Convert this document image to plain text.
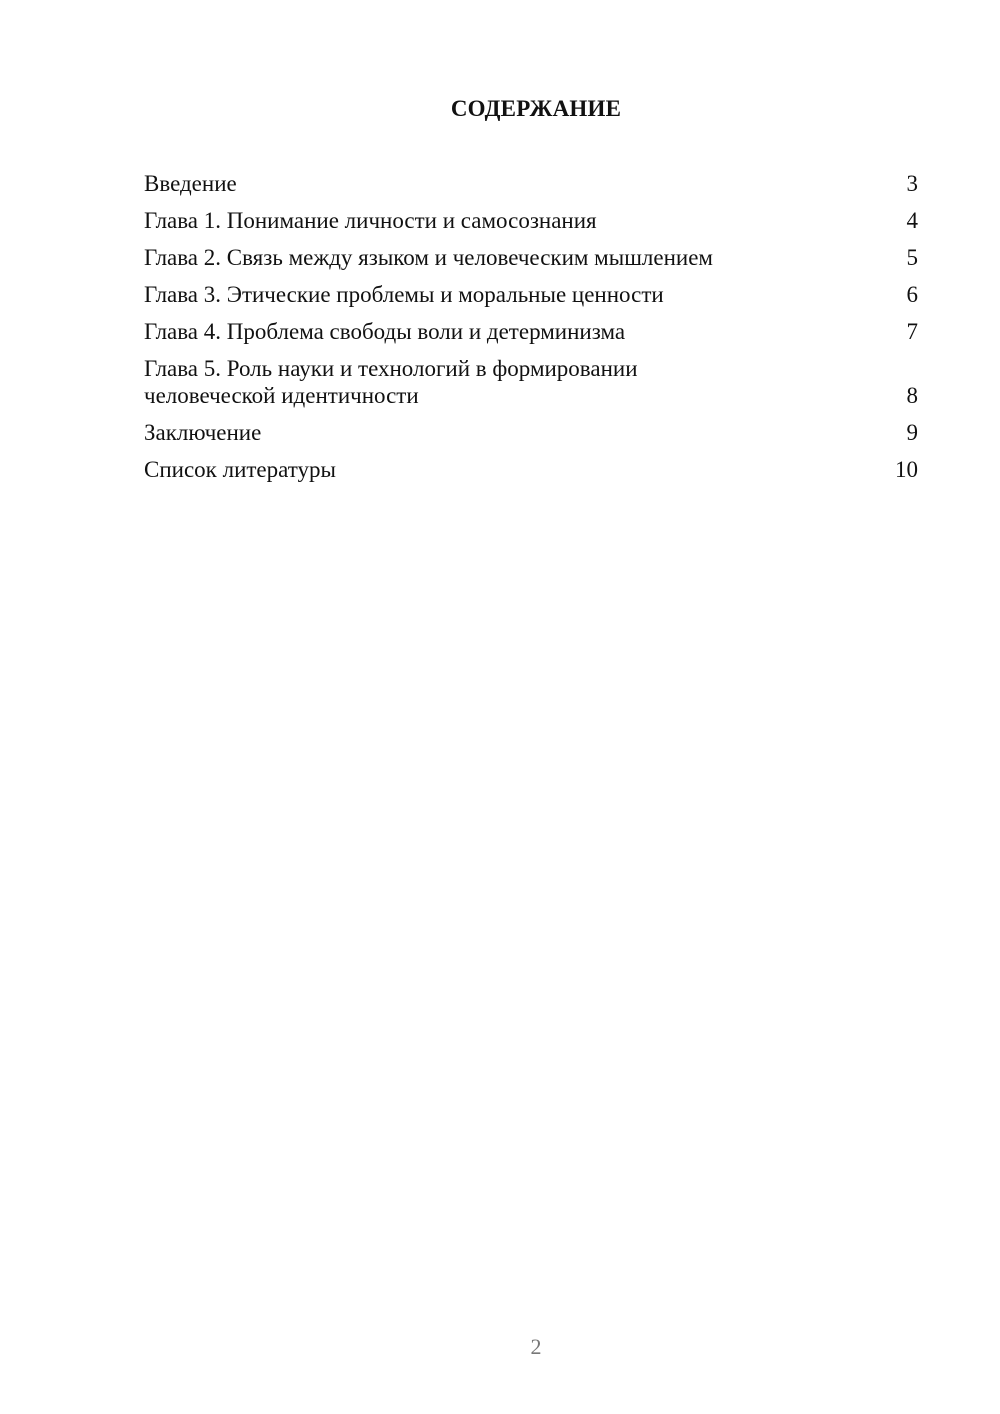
СОДЕРЖАНИЕ
Введение	3
Глава 1. Понимание личности и самосознания	4
Глава 2. Связь между языком и человеческим мышлением	5
Глава 3. Этические проблемы и моральные ценности	6
Глава 4. Проблема свободы воли и детерминизма	7
Глава 5. Роль науки и технологий в формировании человеческой идентичности	8
Заключение	9
Список литературы	10
2
